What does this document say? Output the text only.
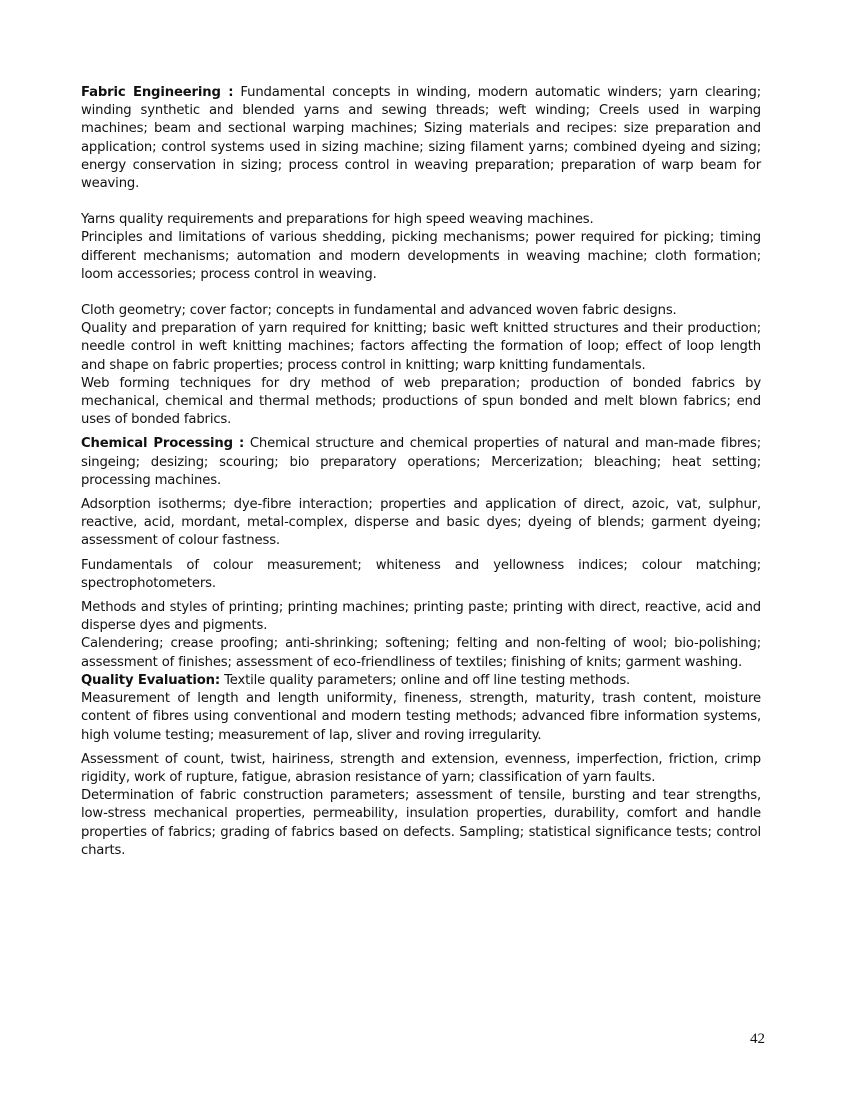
Fabric Engineering : Fundamental concepts in winding, modern automatic winders; yarn clearing; winding synthetic and blended yarns and sewing threads; weft winding; Creels used in warping machines; beam and sectional warping machines; Sizing materials and recipes: size preparation and application; control systems used in sizing machine; sizing filament yarns; combined dyeing and sizing; energy conservation in sizing; process control in weaving preparation; preparation of warp beam for weaving.

Yarns quality requirements and preparations for high speed weaving machines.

Principles and limitations of various shedding, picking mechanisms; power required for picking; timing different mechanisms; automation and modern developments in weaving machine; cloth formation; loom accessories; process control in weaving.

Cloth geometry; cover factor; concepts in fundamental and advanced woven fabric designs.

Quality and preparation of yarn required for knitting; basic weft knitted structures and their production; needle control in weft knitting machines; factors affecting the formation of loop; effect of loop length and shape on fabric properties; process control in knitting; warp knitting fundamentals.

Web forming techniques for dry method of web preparation; production of bonded fabrics by mechanical, chemical and thermal methods; productions of spun bonded and melt blown fabrics; end uses of bonded fabrics.

Chemical Processing : Chemical structure and chemical properties of natural and man-made fibres; singeing; desizing; scouring; bio preparatory operations; Mercerization; bleaching; heat setting; processing machines.

Adsorption isotherms; dye-fibre interaction; properties and application of direct, azoic, vat, sulphur, reactive, acid, mordant, metal-complex, disperse and basic dyes; dyeing of blends; garment dyeing; assessment of colour fastness.

Fundamentals of colour measurement; whiteness and yellowness indices; colour matching; spectrophotometers.

Methods and styles of printing; printing machines; printing paste; printing with direct, reactive, acid and disperse dyes and pigments.

Calendering; crease proofing; anti-shrinking; softening; felting and non-felting of wool; bio-polishing; assessment of finishes; assessment of eco-friendliness of textiles; finishing of knits; garment washing.

Quality Evaluation: Textile quality parameters; online and off line testing methods.

Measurement of length and length uniformity, fineness, strength, maturity, trash content, moisture content of fibres using conventional and modern testing methods; advanced fibre information systems, high volume testing; measurement of lap, sliver and roving irregularity.

Assessment of count, twist, hairiness, strength and extension, evenness, imperfection, friction, crimp rigidity, work of rupture, fatigue, abrasion resistance of yarn; classification of yarn faults.

Determination of fabric construction parameters; assessment of tensile, bursting and tear strengths, low-stress mechanical properties, permeability, insulation properties, durability, comfort and handle properties of fabrics; grading of fabrics based on defects. Sampling; statistical significance tests; control charts.

42
